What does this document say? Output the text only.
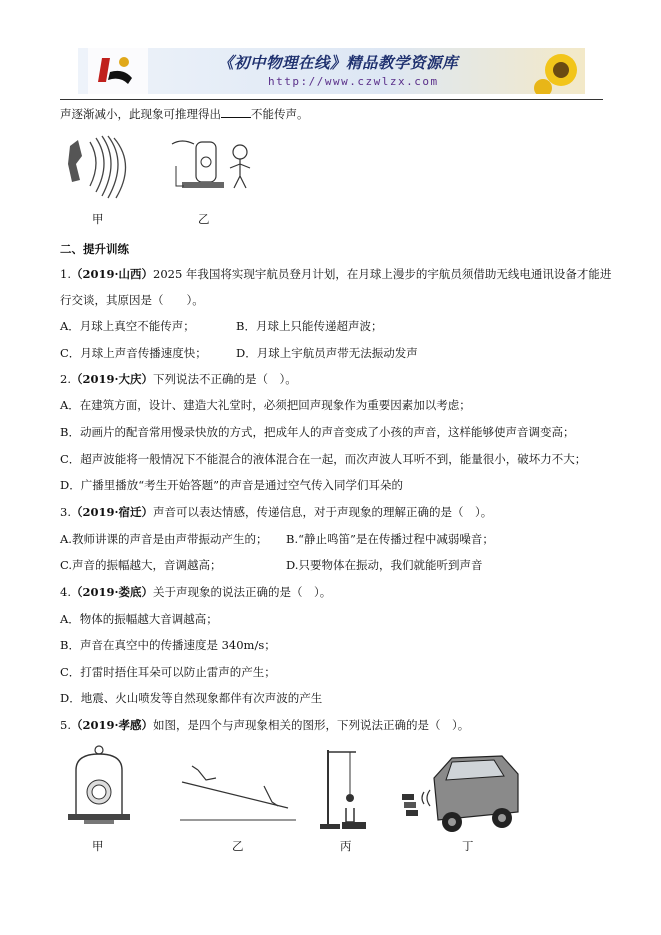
《初中物理在线》精品教学资源库
http://www.czwlzx.com
声逐渐减小，此现象可推理得出	不能传声。
甲	乙
二、提升训练
1.（2019·山西）2025 年我国将实现宇航员登月计划，在月球上漫步的宇航员须借助无线电通讯设备才能进
行交谈，其原因是（　　）。
A．月球上真空不能传声；	B．月球上只能传递超声波；
C．月球上声音传播速度快；	D．月球上宇航员声带无法振动发声
2.（2019·大庆）下列说法不正确的是（　）。
A．在建筑方面，设计、建造大礼堂时，必须把回声现象作为重要因素加以考虑；
B．动画片的配音常用慢录快放的方式，把成年人的声音变成了小孩的声音，这样能够使声音调变高；
C．超声波能将一般情况下不能混合的液体混合在一起，而次声波人耳听不到，能量很小，破坏力不大；
D．广播里播放“考生开始答题”的声音是通过空气传入同学们耳朵的
3.（2019·宿迁）声音可以表达情感，传递信息，对于声现象的理解正确的是（　）。
A.教师讲课的声音是由声带振动产生的； B.“静止鸣笛”是在传播过程中减弱噪音；
C.声音的振幅越大，音调越高；	D.只要物体在振动，我们就能听到声音
4.（2019·娄底）关于声现象的说法正确的是（　）。
A．物体的振幅越大音调越高；
B．声音在真空中的传播速度是 340m/s；
C．打雷时捂住耳朵可以防止雷声的产生；
D．地震、火山喷发等自然现象都伴有次声波的产生
5.（2019·孝感）如图，是四个与声现象相关的图形，下列说法正确的是（　）。
甲	乙	丙	丁
